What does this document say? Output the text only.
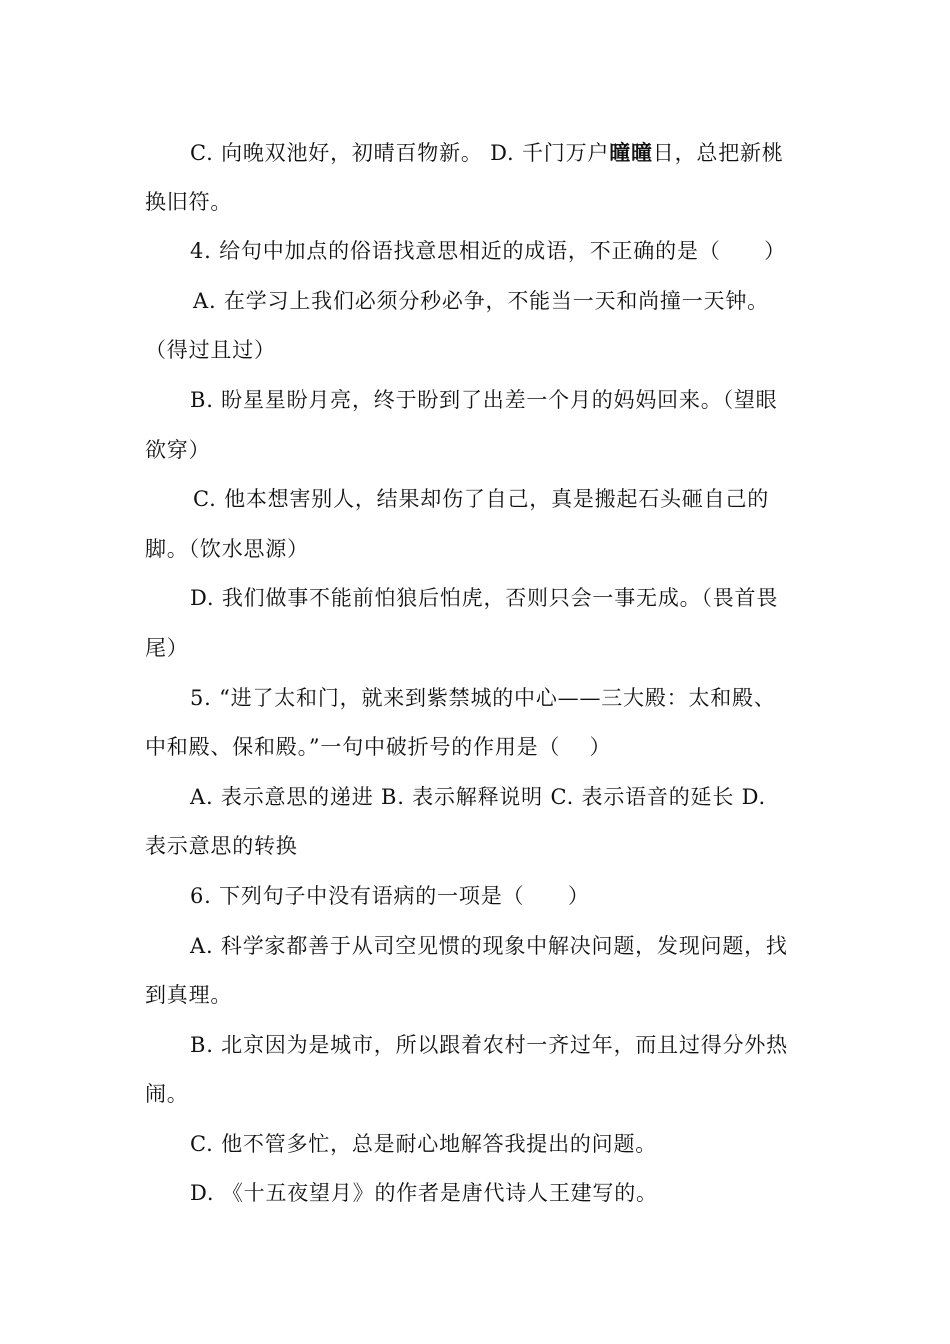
C. 向晚双池好，初晴百物新。 D. 千门万户曈曈日，总把新桃
换旧符。
4. 给句中加点的俗语找意思相近的成语，不正确的是（　　）
A. 在学习上我们必须分秒必争，不能当一天和尚撞一天钟。
（得过且过）
B. 盼星星盼月亮，终于盼到了出差一个月的妈妈回来。（望眼
欲穿）
C. 他本想害别人，结果却伤了自己，真是搬起石头砸自己的
脚。（饮水思源）
D. 我们做事不能前怕狼后怕虎，否则只会一事无成。（畏首畏
尾）
5. “进了太和门，就来到紫禁城的中心——三大殿：太和殿、
中和殿、保和殿。”一句中破折号的作用是（　 ）
A. 表示意思的递进 B. 表示解释说明 C. 表示语音的延长 D.
表示意思的转换
6. 下列句子中没有语病的一项是（　　）
A. 科学家都善于从司空见惯的现象中解决问题，发现问题，找
到真理。
B. 北京因为是城市，所以跟着农村一齐过年，而且过得分外热
闹。
C. 他不管多忙，总是耐心地解答我提出的问题。
D. 《十五夜望月》的作者是唐代诗人王建写的。
